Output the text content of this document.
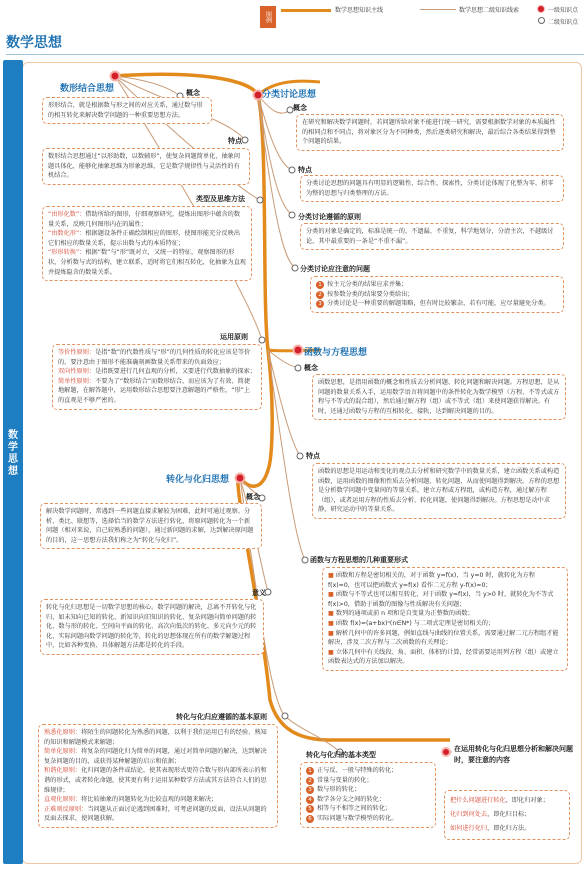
图例
数学思想知识主线	数学思想二级知识线索	一级知识点
二级知识点
数学思想
数学思想
数形结合思想	概念
形形结合，就是根据数与形之间的对应关系，通过数与形的相互转化来解决数学问题的一种重要思想方法。
特点
数形结合思想通过“以形助数，以数辅形”，使复杂问题简单化，抽象问题具体化，能够化抽象思维为形象思维，它是数学规律性与灵活性的有机结合。
类型及思维方法
“由形化数”：借助所给的图形，仔细观察研究，提炼出图形中蕴含的数量关系，反映几何图形内在的属性；
“由数化形”：根据题设条件正确绘制相应的图形，使图形能充分反映出它们相应的数量关系，提示出数与式的本质特征；
“形形转换”：根据“数”与“形”既对立，又统一的特征，观察图形的形状，分析数与式的结构，建立联系，适时将它们相互转化，化抽象为直观并提炼隐含的数量关系。
运用原则
等价性原则：是指“数”的代数性质与“形”的几何性质的转化应该是等价的，要注意由于图形不能准确刻画数量关系带来的负面效应；
双向性原则：是指既要进行几何直观的分析，又要进行代数抽象的探索；
简单性原则：不要为了“数形结合”而数形结合，而应该为了有效、简捷地解题，在解答题中，运用数形结合思想要注意解题的严格性，“形”上的直观是不够严密的。
分类讨论思想
概念
在研究和解决数学问题时，若问题所给对象不能进行统一研究，需要根据数学对象的本质属性的相同点和不同点，将对象区分为不同种类，然后逐类研究和解决，最后综合各类结果得到整个问题的结果。
特点
分类讨论思想的问题具有明显的逻辑性、综合性、探索性，分类讨论体现了化整为零、积零为整的思想与归类整理的方法。
分类讨论遵循的原则
分类的对象是确定的，标准是统一的，不遗漏、不重复，科学地划分，分清主次，不越级讨论，其中最重要的一条是“不重不漏”。
分类讨论应注意的问题
1 按主元分类的结果应求并集；
2 按参数分类的结果要分类给出；
3 分类讨论是一种重要的解题策略，但有时比较繁杂，若有可能，应尽量避免分类。
函数与方程思想
概念
函数思想，是指用函数的概念和性质去分析问题、转化问题和解决问题。方程思想，是从问题的数量关系入手，运用数学语言将问题中的条件转化为数学模型（方程、不等式或方程与不等式的混合组），然后通过解方程（组）或不等式（组）来使问题获得解决。有时，还通过函数与方程的互相转化、接轨，达到解决问题的目的。
特点
函数的思想是用运动和变化的观点去分析和研究数学中的数量关系，建立函数关系或构造函数，运用函数的图像和性质去分析问题、转化问题，从而使问题得到解决。方程的思想是分析数学问题中变量间的等量关系，建立方程或方程组，或构造方程，通过解方程（组），或者运用方程的性质去分析、转化问题，使问题得到解决。方程思想是动中求静，研究运动中的等量关系。
函数与方程思想的几种重要形式
■ 函数和方程是密切相关的，对于函数 y=f(x)，当 y=0 时，就转化为方程 f(x)=0，也可以把函数式 y=f(x) 看作二元方程 y-f(x)=0；
■ 函数与不等式也可以相互转化，对于函数 y=f(x)，当 y>0 时，就转化为不等式 f(x)>0，借助于函数的图像与性质解决有关问题；
■ 数列的通项或前 n 项和是自变量为正整数的函数；
■ 函数 f(x)=(a+bx)ⁿ(n∈N*) 与二项式定理是密切相关的；
■ 解析几何中的许多问题，例如直线与曲线的位置关系，需要通过解二元方程组才能解决，涉及二次方程与二次函数的有关理论；
■ 立体几何中有关线段、角、面积、体积的计算，经常需要运用列方程（组）或建立函数表达式的方法加以解决。
转化与化归思想
概念
解决数学问题时，常遇到一些问题直接求解较为困难，此时可通过观察、分析、类比、联想等，选择恰当的数学方法进行转化，将原问题转化为一个新问题（相对来说，自己较熟悉的问题），通过新问题的求解，达到解决原问题的目的，这一思想方法我们称之为“转化与化归”。
意义
转化与化归思想是一切数学思想的核心。数学问题的解决，总离不开转化与化归，如未知向已知的转化、新知识向旧知识的转化、复杂问题向简单问题的转化、数与形的转化、空间向平面的转化、高次向低次的转化、多元向少元的转化、实际问题向数学问题的转化等，转化的思想体现在所有的数学解题过程中，比如各种变换、具体解题方法都是转化的手段。
转化与化归应遵循的基本原则
熟悉化原则：将陌生的问题转化为熟悉的问题，以利于我们运用已有的经验、熟知的知识和解题模式来解题；
简单化原则：将复杂的问题化归为简单的问题，通过对简单问题的解决，达到解决复杂问题的目的，或获得某种解题的启示和依据；
和谐化原则：化归问题的条件或结论，使其表现形式更符合数与形内部所表示的和谐的形式，或者转化命题，使其更有利于运用某种数学方法或其方法符合人们的思维规律；
直观化原则：将比较抽象的问题转化为比较直观的问题来解决；
正难则反原则：当问题从正面讨论遇到困难时，可考虑问题的反面，设法从问题的反面去探求，使问题获解。
转化与化归的基本类型
1 正与反、一般与特殊的转化；
2 常量与变量的转化；
3 数与形的转化；
4 数学各分支之间的转化；
5 相等与不相等之间的转化；
6 实际问题与数学模型的转化。
在运用转化与化归思想分析和解决问题时，要注意的内容
把什么问题进行转化，即化归对象；
化归到何处去，即化归目标；
如何进行化归，即化归方法。
